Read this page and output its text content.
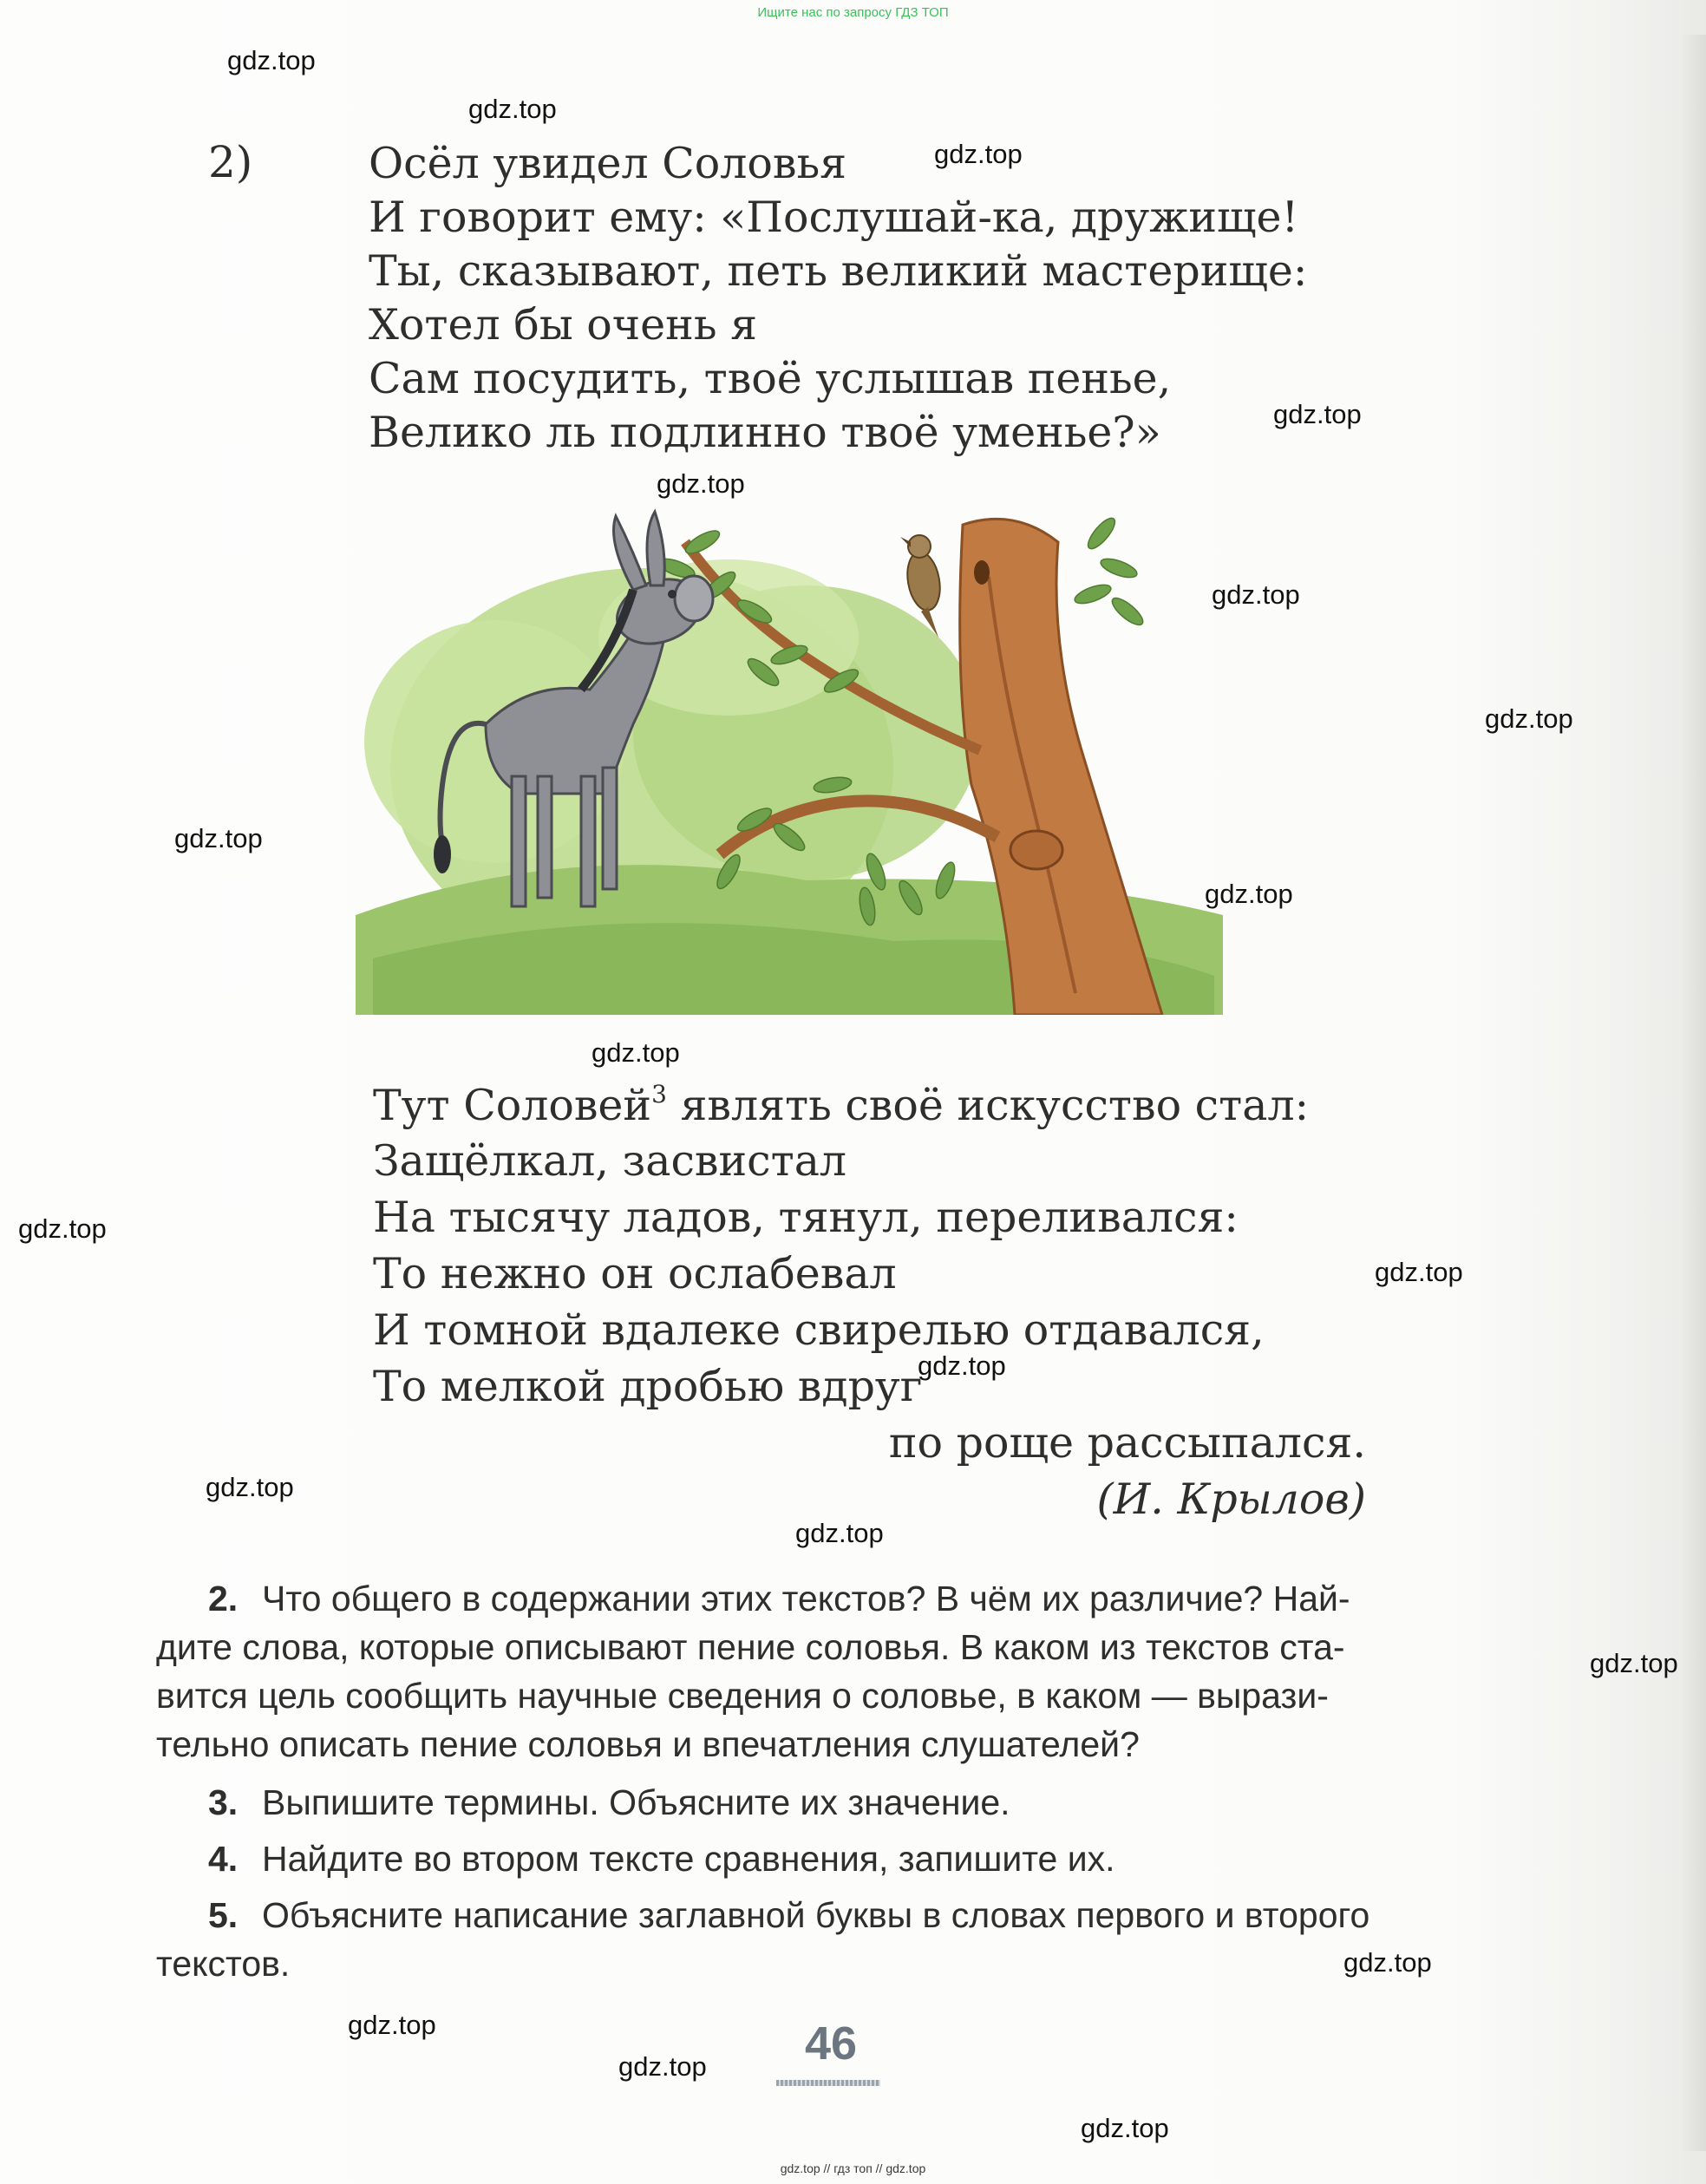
Ищите нас по запросу ГДЗ ТОП
2)	Осёл увидел Соловья
И говорит ему: «Послушай-ка, дружище!
Ты, сказывают, петь великий мастерище:
Хотел бы очень я
Сам посудить, твоё услышав пенье,
Велико ль подлинно твоё уменье?»
Тут Соловей$^3$ являть своё искусство стал:
Защёлкал, засвистал
На тысячу ладов, тянул, переливался:
То нежно он ослабевал
И томной вдалеке свирелью отдавался,
То мелкой дробью вдруг
по роще рассыпался.
(И. Крылов)
2. Что общего в содержании этих текстов? В чём их различие? Най-
дите слова, которые описывают пение соловья. В каком из текстов ста-
вится цель сообщить научные сведения о соловье, в каком — вырази-
тельно описать пение соловья и впечатления слушателей?
3. Выпишите термины. Объясните их значение.
4. Найдите во втором тексте сравнения, запишите их.
5. Объясните написание заглавной буквы в словах первого и второго
текстов.
46
gdz.top
gdz.top
gdz.top
gdz.top
gdz.top
gdz.top
gdz.top
gdz.top
gdz.top
gdz.top
gdz.top
gdz.top
gdz.top
gdz.top
gdz.top
gdz.top
gdz.top
gdz.top
gdz.top
gdz.top
gdz.top // гдз топ // gdz.top
